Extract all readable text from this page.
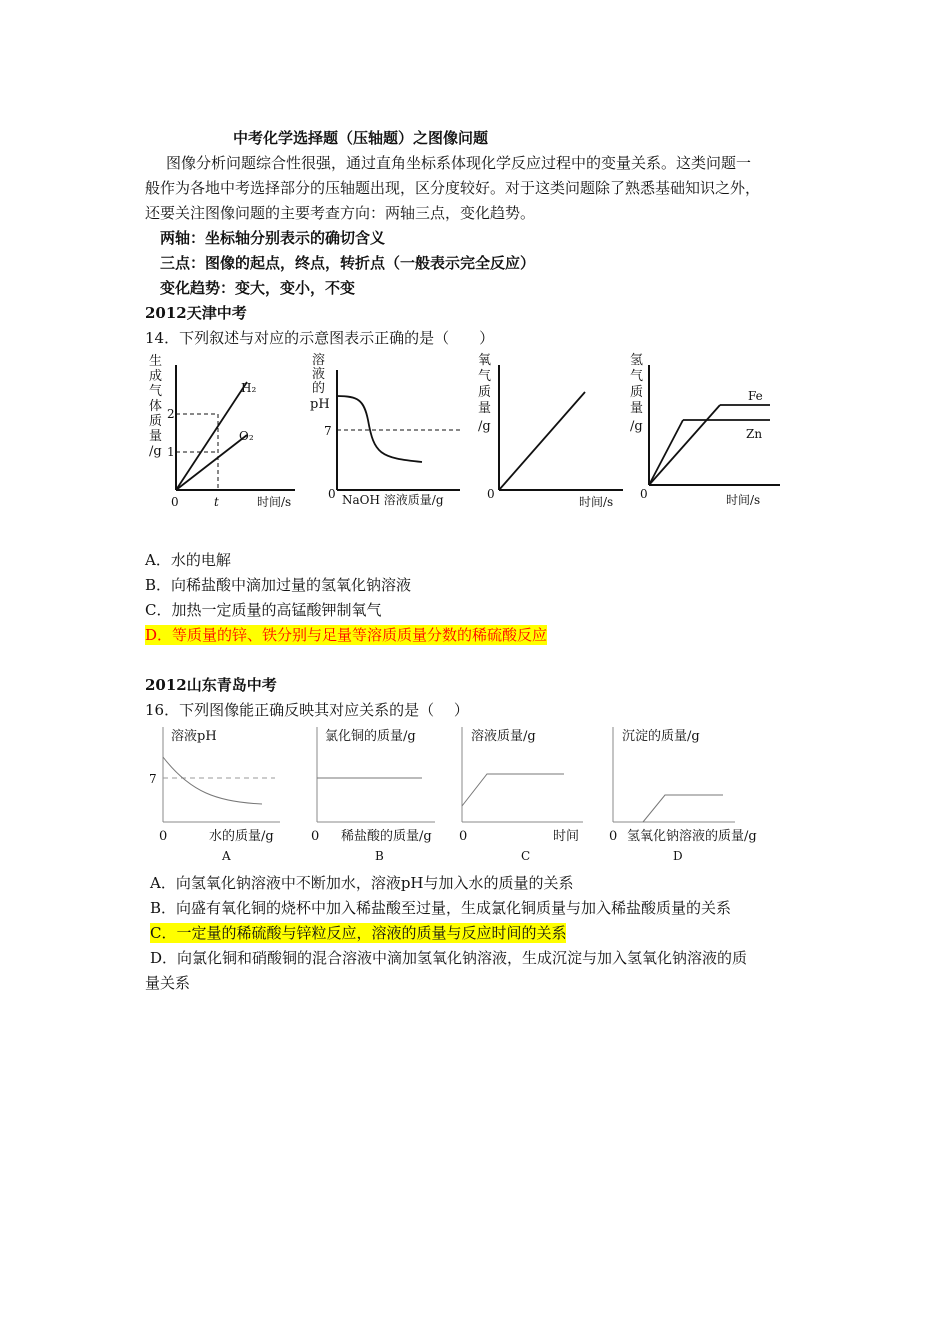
中考化学选择题（压轴题）之图像问题
图像分析问题综合性很强，通过直角坐标系体现化学反应过程中的变量关系。这类问题一
般作为各地中考选择部分的压轴题出现，区分度较好。对于这类问题除了熟悉基础知识之外，
还要关注图像问题的主要考查方向：两轴三点，变化趋势。
两轴：坐标轴分别表示的确切含义
三点：图像的起点，终点，转折点（一般表示完全反应）
变化趋势：变大，变小，不变
2012天津中考
14．下列叙述与对应的示意图表示正确的是（　　）
生
成
气
体
质
量
/g
2
1
H₂
O₂
0	t	时间/s
溶
液
的
pH
7
0 NaOH 溶液质量/g
氧
气
质
量
/g
0
时间/s
氢
气
质
量
/g
Fe
Zn
0	时间/s
A．水的电解
B．向稀盐酸中滴加过量的氢氧化钠溶液
C．加热一定质量的高锰酸钾制氧气
D．等质量的锌、铁分别与足量等溶质质量分数的稀硫酸反应
2012山东青岛中考
16．下列图像能正确反映其对应关系的是（　 ）
溶液pH
7
0	水的质量/g
A
氯化铜的质量/g
0 稀盐酸的质量/g
B
溶液质量/g
0	时间
C
沉淀的质量/g
0 氢氧化钠溶液的质量/g
D
A．向氢氧化钠溶液中不断加水，溶液pH与加入水的质量的关系
B．向盛有氧化铜的烧杯中加入稀盐酸至过量，生成氯化铜质量与加入稀盐酸质量的关系
C．一定量的稀硫酸与锌粒反应，溶液的质量与反应时间的关系
D．向氯化铜和硝酸铜的混合溶液中滴加氢氧化钠溶液，生成沉淀与加入氢氧化钠溶液的质
量关系
